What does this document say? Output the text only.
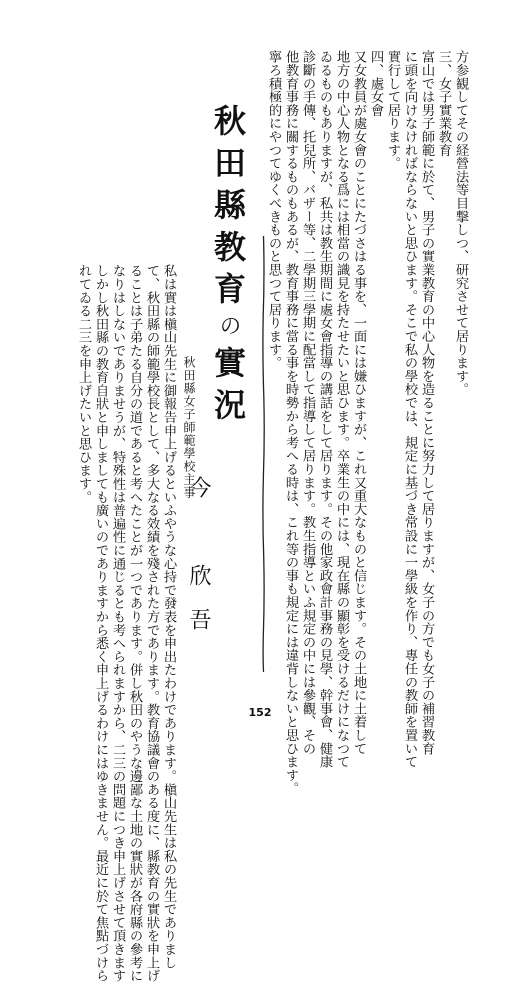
方参観してその経營法等目撃しつ、研究させて居ります。
三、女子實業教育
富山では男子師範に於て、男子の實業教育の中心人物を造ることに努力して居りますが、女子の方でも女子の補習教育
に頭を向けなければならないと思ひます。そこで私の學校では、規定に基づき常設に一學級を作り、專任の教師を置いて
實行して居ります。
四、處女會
又女教員が處女會のことにたづさはる事を、一面には嫌ひますが、これ又重大なものと信じます。その土地に土着して
地方の中心人物となる爲には相當の識見を持たせたいと思ひます。卒業生の中には、現在縣の顯彰を受けるだけになつて
ゐるものもありますが、私共は教生期間に處女會指導の講話をして居ります。その他家政會計事務の見學、幹事會、健康
診斷の手傳、托兒所、バザー等、二學期三學期に配當して指導して居ります。教生指導といふ規定の中には參觀、その
他教育事務に關するものもあるが、教育事務に當る事を時勢から考へる時は、これ等の事も規定には違背しないと思ひます。
寧ろ積極的にやつてゆくべきものと思つて居ります。
秋田縣教育の實況
秋田縣女子師範學校主事
今　欣吾
私は實は槇山先生に御報告申上げるといふやうな心持で發表を申出たわけであります。槇山先生は私の先生でありまし
て、秋田縣の師範學校長として、多大なる效績を殘された方であります。教育協議會のある度に、縣教育の實狀を申上げ
ることは子弟たる自分の道であると考へたことが一つであります。併し秋田のやうな邊鄙な土地の實狀が各府縣の參考に
なりはしないでありませうが、特殊性は普遍性に通じるとも考へられますから、二三の問題につき申上げさせて頂きます
しかし秋田縣の教育自狀と申しましても廣いのでありますから悉く申上げるわけにはゆきません。最近に於て焦點づけら
れてゐる二三を申上げたいと思ひます。
152
